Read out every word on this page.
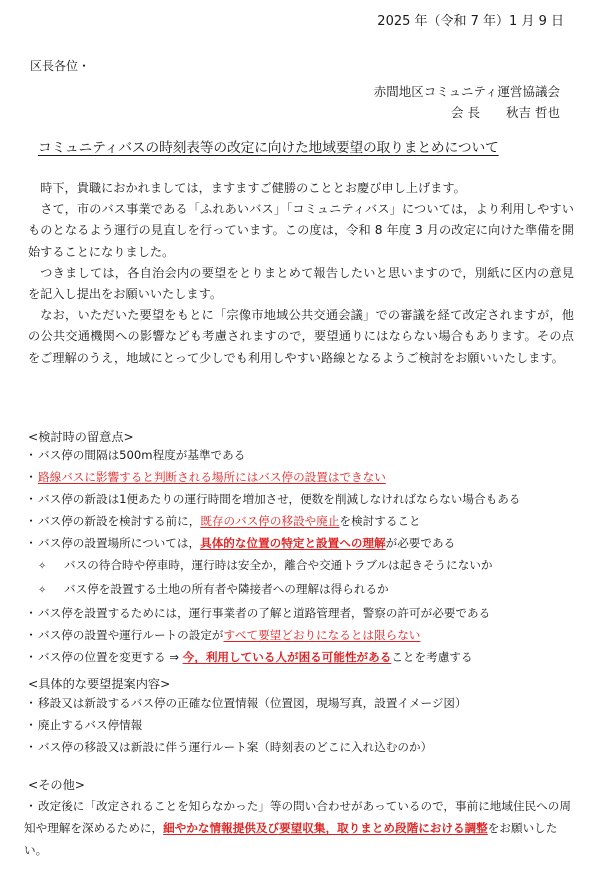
2025 年（令和 7 年）1 月 9 日
区長各位・
赤間地区コミュニティ運営協議会
会 長 秋吉 哲也
コミュニティバスの時刻表等の改定に向けた地域要望の取りまとめについて

時下，貴職におかれましては，ますますご健勝のこととお慶び申し上げます。

さて，市のバス事業である「ふれあいバス」「コミュニティバス」については，より利用しやすいものとなるよう運行の見直しを行っています。この度は，令和 8 年度 3 月の改定に向けた準備を開始することになりました。

つきましては，各自治会内の要望をとりまとめて報告したいと思いますので，別紙に区内の意見を記入し提出をお願いいたします。

なお，いただいた要望をもとに「宗像市地域公共交通会議」での審議を経て改定されますが，他の公共交通機関への影響なども考慮されますので，要望通りにはならない場合もあります。その点をご理解のうえ，地域にとって少しでも利用しやすい路線となるようご検討をお願いいたします。

<検討時の留意点>
・バス停の間隔は500m程度が基準である
・路線バスに影響すると判断される場所にはバス停の設置はできない
・バス停の新設は1便あたりの運行時間を増加させ，便数を削減しなければならない場合もある
・バス停の新設を検討する前に，既存のバス停の移設や廃止を検討すること
・バス停の設置場所については，具体的な位置の特定と設置への理解が必要である
✧ バスの待合時や停車時，運行時は安全か，離合や交通トラブルは起きそうにないか
✧ バス停を設置する土地の所有者や隣接者への理解は得られるか
・バス停を設置するためには，運行事業者の了解と道路管理者，警察の許可が必要である
・バス停の設置や運行ルートの設定がすべて要望どおりになるとは限らない
・バス停の位置を変更する ⇒ 今，利用している人が困る可能性があることを考慮する
<具体的な要望提案内容>
・移設又は新設するバス停の正確な位置情報（位置図，現場写真，設置イメージ図）
・廃止するバス停情報
・バス停の移設又は新設に伴う運行ルート案（時刻表のどこに入れ込むのか）
<その他>
・改定後に「改定されることを知らなかった」等の問い合わせがあっているので，事前に地域住民への周知や理解を深めるために，細やかな情報提供及び要望収集，取りまとめ段階における調整をお願いしたい。
